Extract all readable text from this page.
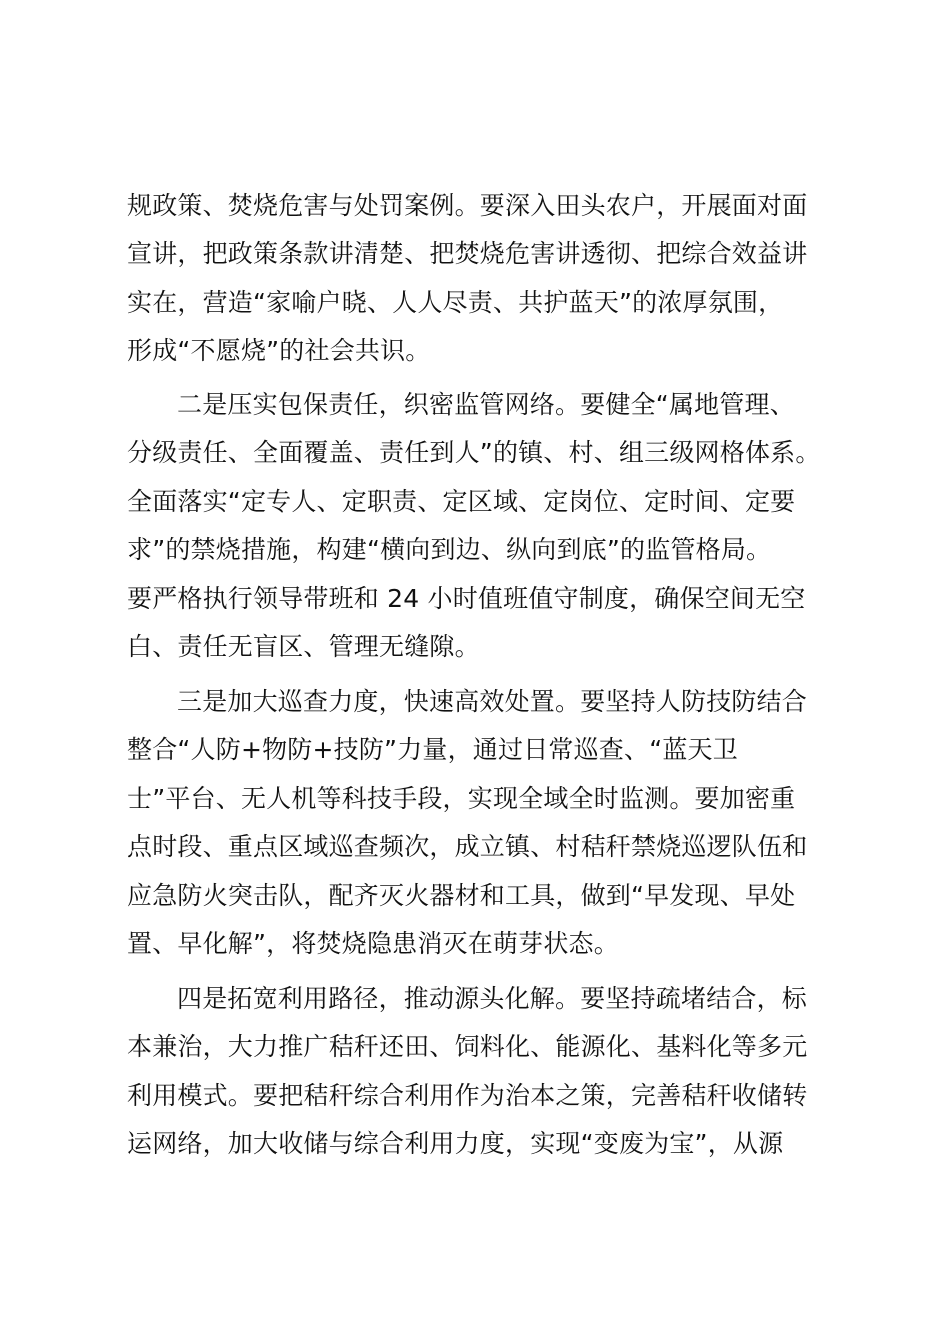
规政策、焚烧危害与处罚案例。要深入田头农户，开展面对面
宣讲，把政策条款讲清楚、把焚烧危害讲透彻、把综合效益讲
实在，营造“家喻户晓、人人尽责、共护蓝天”的浓厚氛围，
形成“不愿烧”的社会共识。
二是压实包保责任，织密监管网络。要健全“属地管理、
分级责任、全面覆盖、责任到人”的镇、村、组三级网格体系。
全面落实“定专人、定职责、定区域、定岗位、定时间、定要
求”的禁烧措施，构建“横向到边、纵向到底”的监管格局。
要严格执行领导带班和 24 小时值班值守制度，确保空间无空
白、责任无盲区、管理无缝隙。
三是加大巡查力度，快速高效处置。要坚持人防技防结合
整合“人防+物防+技防”力量，通过日常巡查、“蓝天卫
士”平台、无人机等科技手段，实现全域全时监测。要加密重
点时段、重点区域巡查频次，成立镇、村秸秆禁烧巡逻队伍和
应急防火突击队，配齐灭火器材和工具，做到“早发现、早处
置、早化解”，将焚烧隐患消灭在萌芽状态。
四是拓宽利用路径，推动源头化解。要坚持疏堵结合，标
本兼治，大力推广秸秆还田、饲料化、能源化、基料化等多元
利用模式。要把秸秆综合利用作为治本之策，完善秸秆收储转
运网络，加大收储与综合利用力度，实现“变废为宝”，从源
